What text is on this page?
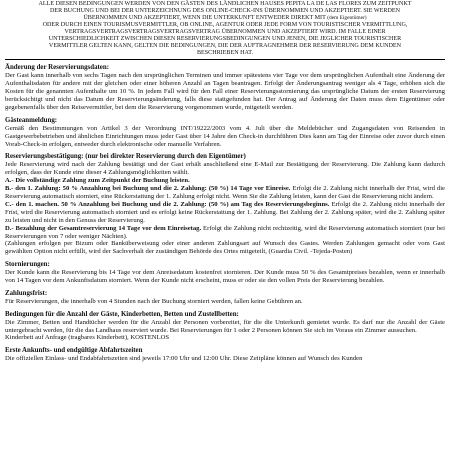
ALLE DIESEN BEDINGUNGEN WERDEN VON DEN GÄSTEN DES LÄNDLICHEN HAUSES PEPITA LA DE LAS FLORES ZUM ZEITPUNKT
DER BUCHUNG UND BEI DER UNTERZEICHNUNG DES ONLINE-CHECK-INS ÜBERNOMMEN UND AKZEPTIERT. SIE WERDEN
ÜBERNOMMEN UND AKZEPTIERT, WENN DIE UNTERKUNFT ENTWEDER DIREKT MIT (dem Eigentümer)
ODER DURCH EINEN TOURISMUSVERMITTLER, OB ONLINE, AGENTUR ODER JEDE FORM VON TOURISTISCHER VERMITTLUNG,
VERTRAGSVERTRAGSVERTRAGSVERTRAGSVERTRAG ÜBERNOMMEN UND AKZEPTIERT WIRD. IM FALLE EINER
UNTERSCHIEDLICHKEIT ZWISCHEN DIESEN RESERVIERUNGSBEDINGUNGEN UND JENEN, DIE JEGLICHER TOURISTISCHER
VERMITTLER GELTEN KANN, GELTEN DIE BEDINGUNGEN, DIE DER AUFTRAGNEHMER DER RESERVIERUNG DEM KUNDEN
BESCHRIEBEN HAT.
Änderung der Reservierungsdaten:

Der Gast kann innerhalb von sechs Tagen nach den ursprünglichen Terminen und immer spätestens vier Tage vor dem ursprünglichen Aufenthalt eine Änderung der Aufenthaltsdaten für andere mit der gleichen oder einer höheren Anzahl an Tagen beantragen. Erfolgt der Änderungsantrag weniger als 4 Tage, erhöhen sich die Kosten für die genannten Aufenthalte um 10 %. In jedem Fall wird für den Fall einer Reservierungsstornierung das ursprüngliche Datum der ersten Reservierung berücksichtigt und nicht das Datum der Reservierungsänderung, falls diese stattgefunden hat. Der Antrag auf Änderung der Daten muss dem Eigentümer oder gegebenenfalls über den Reisevermittler, bei dem die Reservierung vorgenommen wurde, mitgeteilt werden.

Gästeanmeldung:

Gemäß den Bestimmungen von Artikel 3 der Verordnung INT/19222/2003 vom 4. Juli über die Meldebücher und Zugangsdaten von Reisenden in Gastgewerbebetrieben und ähnlichen Einrichtungen muss jeder Gast über 14 Jahre den Check-in durchführen Dies kann am Tag der Einreise oder zuvor durch einen Vorab-Check-in erfolgen, entweder durch elektronische oder manuelle Verfahren.

Reservierungsbestätigung: (nur bei direkter Reservierung durch den Eigentümer)

Jede Reservierung wird nach der Zahlung bestätigt und der Gast erhält anschließend eine E-Mail zur Bestätigung der Reservierung. Die Zahlung kann dadurch erfolgen, dass der Kunde eine dieser 4 Zahlungsmöglichkeiten wählt.

A.- Die vollständige Zahlung zum Zeitpunkt der Buchung leisten.

B.- den 1. Zahlung: 50 % Anzahlung bei Buchung und die 2. Zahlung: (50 %) 14 Tage vor Einreise. Erfolgt die 2. Zahlung nicht innerhalb der Frist, wird die Reservierung automatisch storniert, eine Rückerstattung der 1. Zahlung erfolgt nicht. Wenn Sie die Zahlung leisten, kann der Gast die Reservierung nicht ändern.

C.- den 1. machen. 50 % Anzahlung bei Buchung und die 2. Zahlung: (50 %) am Tag des Reservierungsbeginns. Erfolgt die 2. Zahlung nicht innerhalb der Frist, wird die Reservierung automatisch storniert und es erfolgt keine Rückerstattung der 1. Zahlung. Bei Zahlung der 2. Zahlung später, wird die 2. Zahlung später zu leisten und nicht in den Genuss der Reservierung.

D.- Bezahlung der Gesamtreservierung 14 Tage vor dem Einreisetag. Erfolgt die Zahlung nicht rechtzeitig, wird die Reservierung automatisch storniert (nur bei Reservierungen von 7 oder weniger Nächten).

(Zahlungen erfolgen per Bizum oder Banküberweisung oder einer anderen Zahlungsart auf Wunsch des Gastes. Werden Zahlungen gemacht oder vom Gast gewählten Option nicht erfüllt, wird der Sachverhalt der zuständigen Behörde des Ortes mitgeteilt, (Guardia Civil. -Tejeda-Posten)

Stornierungen:

Der Kunde kann die Reservierung bis 14 Tage vor dem Anreisedatum kostenfrei stornieren. Der Kunde muss 50 % des Gesamtpreises bezahlen, wenn er innerhalb von 14 Tagen vor dem Ankunftsdatum storniert. Wenn der Kunde nicht erscheint, muss er oder sie den vollen Preis der Reservierung bezahlen.

Zahlungsfrist:

Für Reservierungen, die innerhalb von 4 Stunden nach der Buchung storniert werden, fallen keine Gebühren an.

Bedingungen für die Anzahl der Gäste, Kinderbetten, Betten und Zustellbetten:

Die Zimmer, Betten und Handtücher werden für die Anzahl der Personen vorbereitet, für die die Unterkunft gemietet wurde. Es darf nur die Anzahl der Gäste untergebracht werden, für die das Landhaus reserviert wurde. Bei Reservierungen für 1 oder 2 Personen können Sie sich im Voraus ein Zimmer aussuchen.

Kinderbett auf Anfrage (tragbares Kinderbett), KOSTENLOS

Erste Ankunfts- und endgültige Abfahrtszeiten

Die offiziellen Einlass- und Endabfahrtszeiten sind jeweils 17:00 Uhr und 12:00 Uhr. Diese Zeitpläne können auf Wunsch des Kunden
